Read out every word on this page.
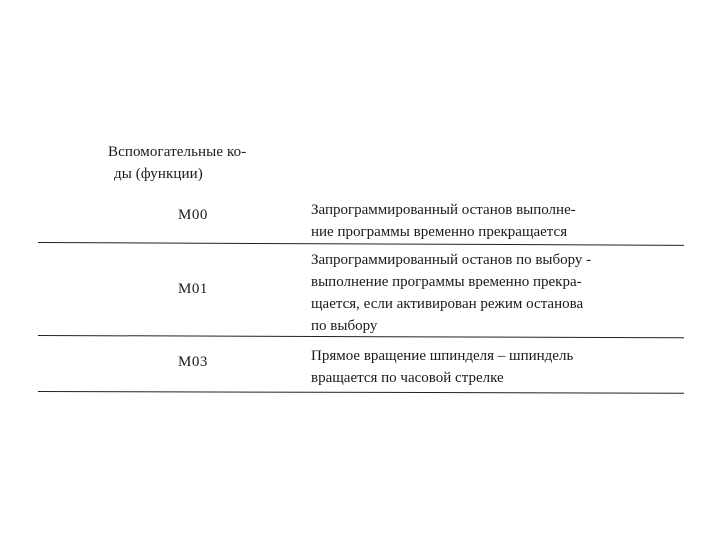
Вспомогательные ко-
ды (функции)
М00	Запрограммированный останов выполне-
ние программы временно прекращается
М01
Запрограммированный останов по выбору -
выполнение программы временно прекра-
щается, если активирован режим останова
по выбору
М03	Прямое вращение шпинделя – шпиндель
вращается по часовой стрелке
